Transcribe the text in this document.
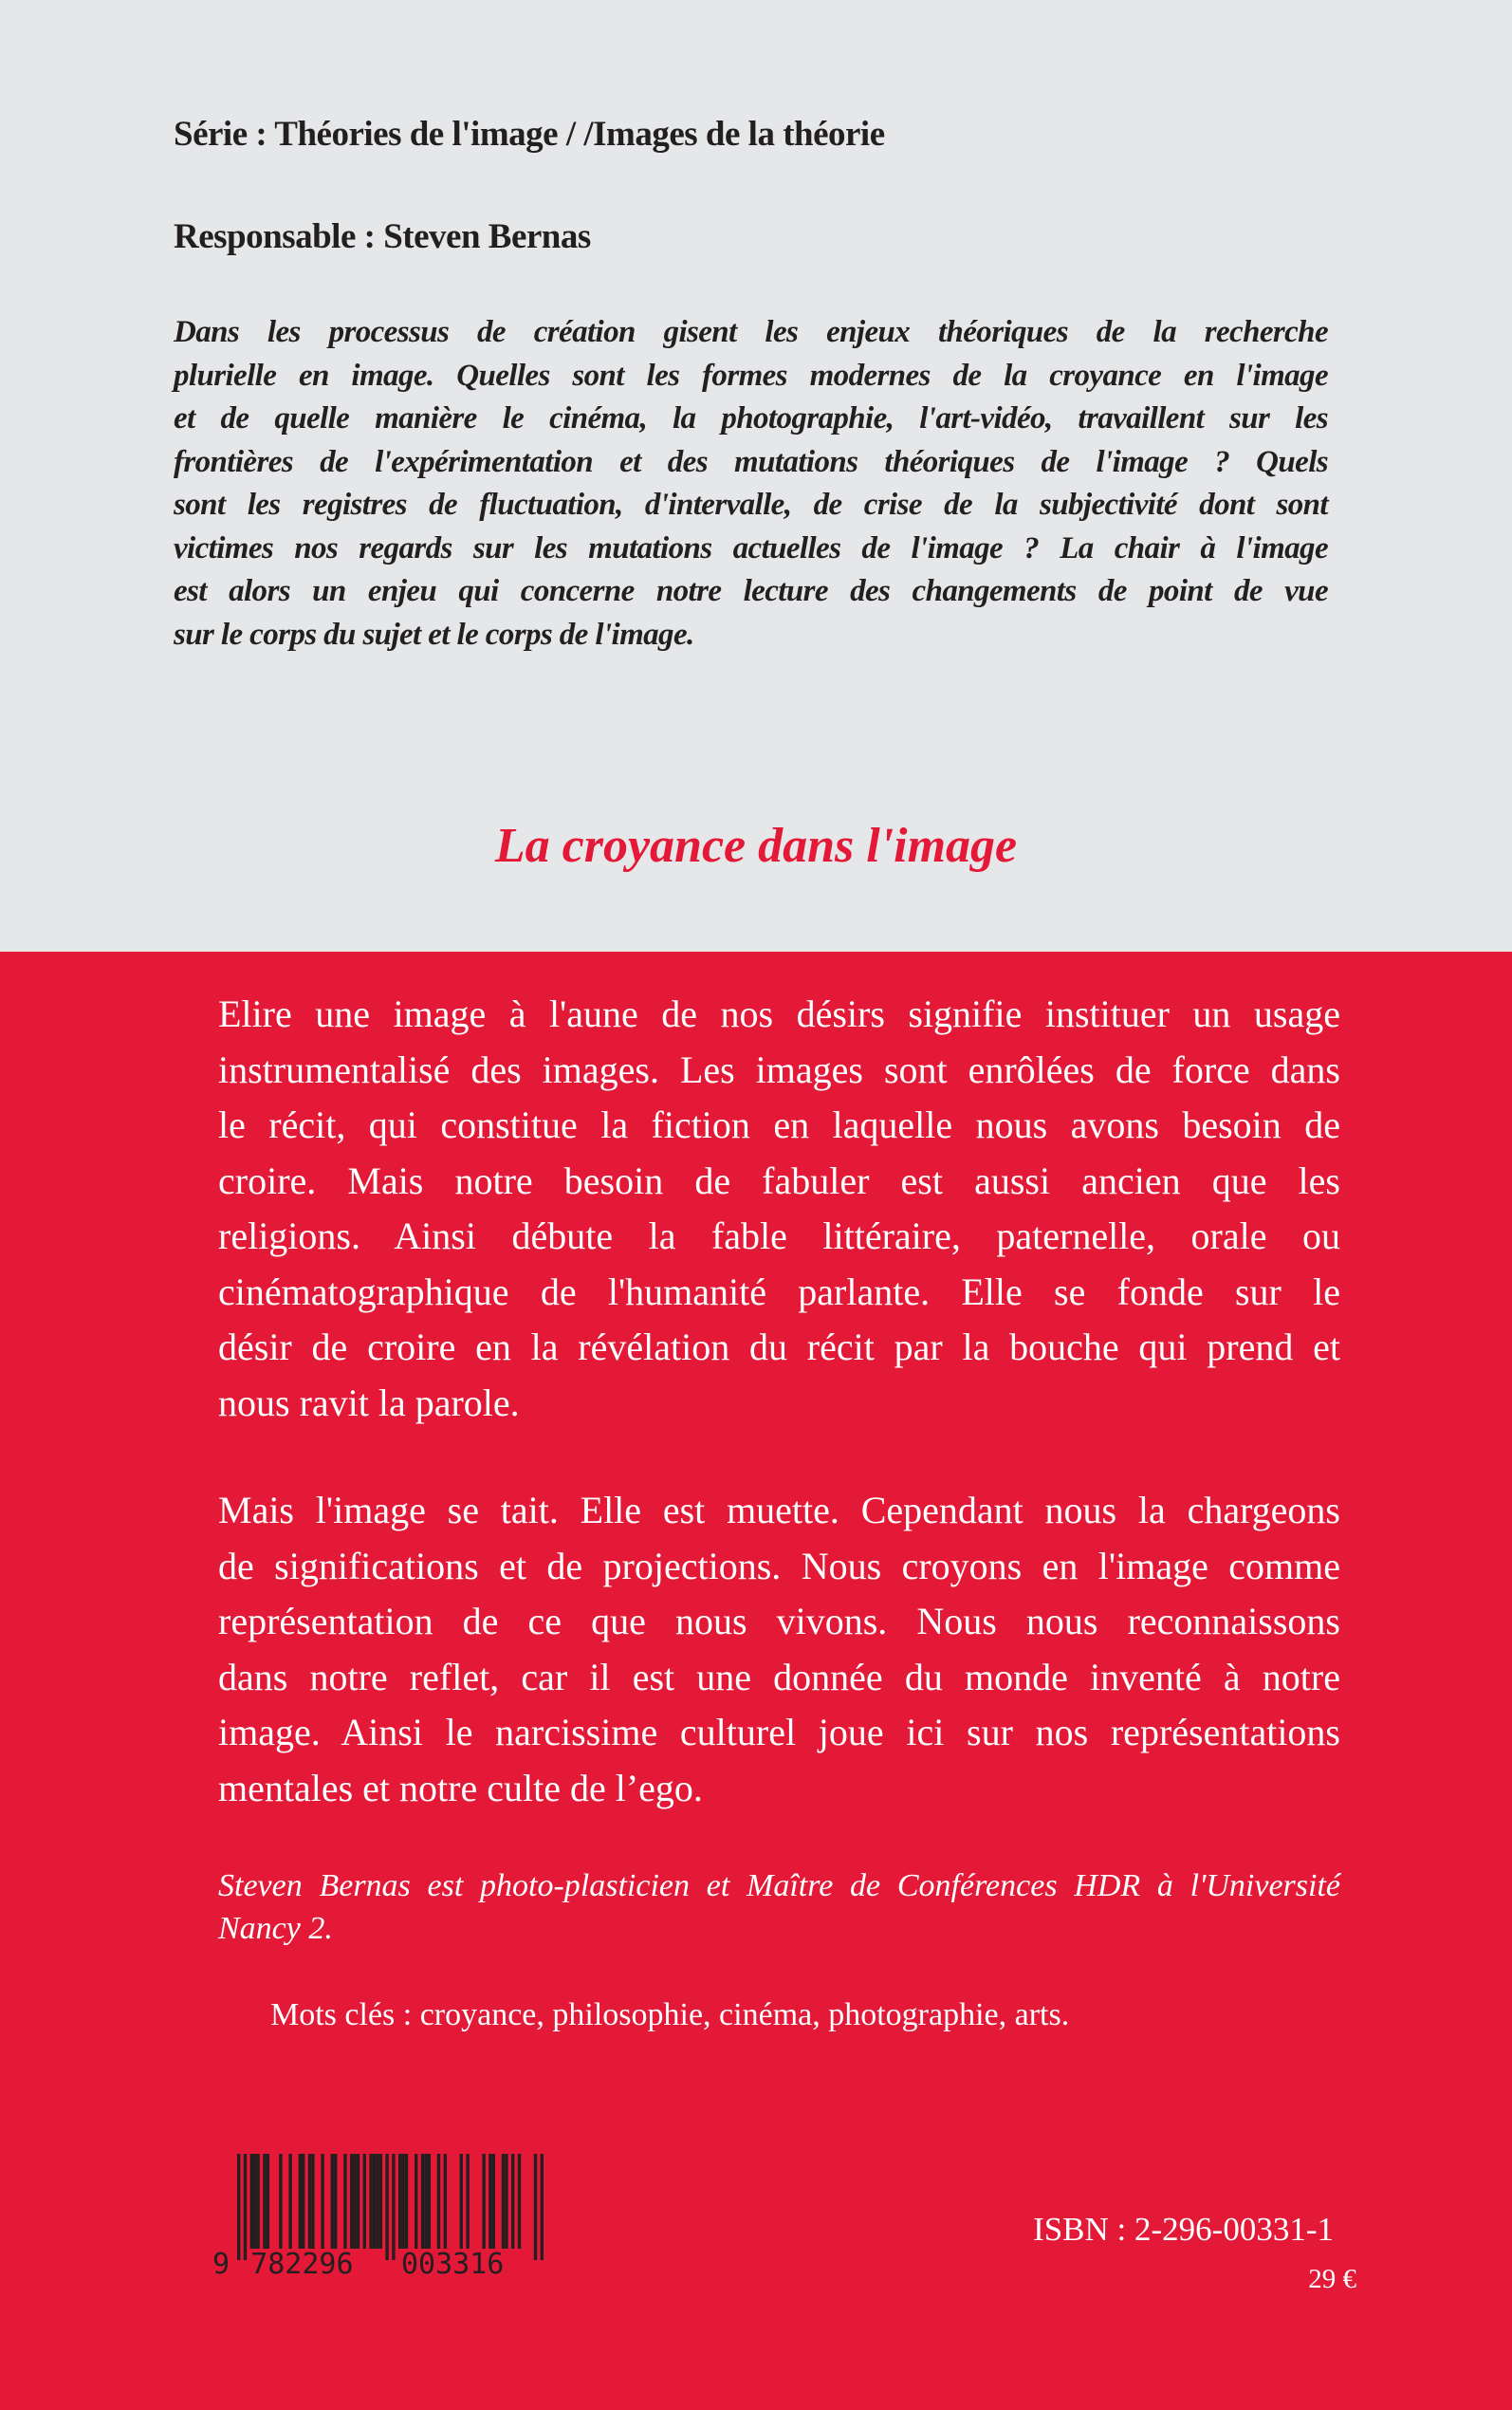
Série : Théories de l'image / /Images de la théorie
Responsable : Steven Bernas
Dans les processus de création gisent les enjeux théoriques de la recherche
plurielle en image. Quelles sont les formes modernes de la croyance en l'image
et de quelle manière le cinéma, la photographie, l'art-vidéo, travaillent sur les
frontières de l'expérimentation et des mutations théoriques de l'image ? Quels
sont les registres de fluctuation, d'intervalle, de crise de la subjectivité dont sont
victimes nos regards sur les mutations actuelles de l'image ? La chair à l'image
est alors un enjeu qui concerne notre lecture des changements de point de vue
sur le corps du sujet et le corps de l'image.
La croyance dans l'image
Elire une image à l'aune de nos désirs signifie instituer un usage
instrumentalisé des images. Les images sont enrôlées de force dans
le récit, qui constitue la fiction en laquelle nous avons besoin de
croire. Mais notre besoin de fabuler est aussi ancien que les
religions. Ainsi débute la fable littéraire, paternelle, orale ou
cinématographique de l'humanité parlante. Elle se fonde sur le
désir de croire en la révélation du récit par la bouche qui prend et
nous ravit la parole.
Mais l'image se tait. Elle est muette. Cependant nous la chargeons
de significations et de projections. Nous croyons en l'image comme
représentation de ce que nous vivons. Nous nous reconnaissons
dans notre reflet, car il est une donnée du monde inventé à notre
image. Ainsi le narcissime culturel joue ici sur nos représentations
mentales et notre culte de l’ego.
Steven Bernas est photo-plasticien et Maître de Conférences HDR à l'Université
Nancy 2.
Mots clés : croyance, philosophie, cinéma, photographie, arts.
9 782296 003316
ISBN : 2-296-00331-1
29 €
